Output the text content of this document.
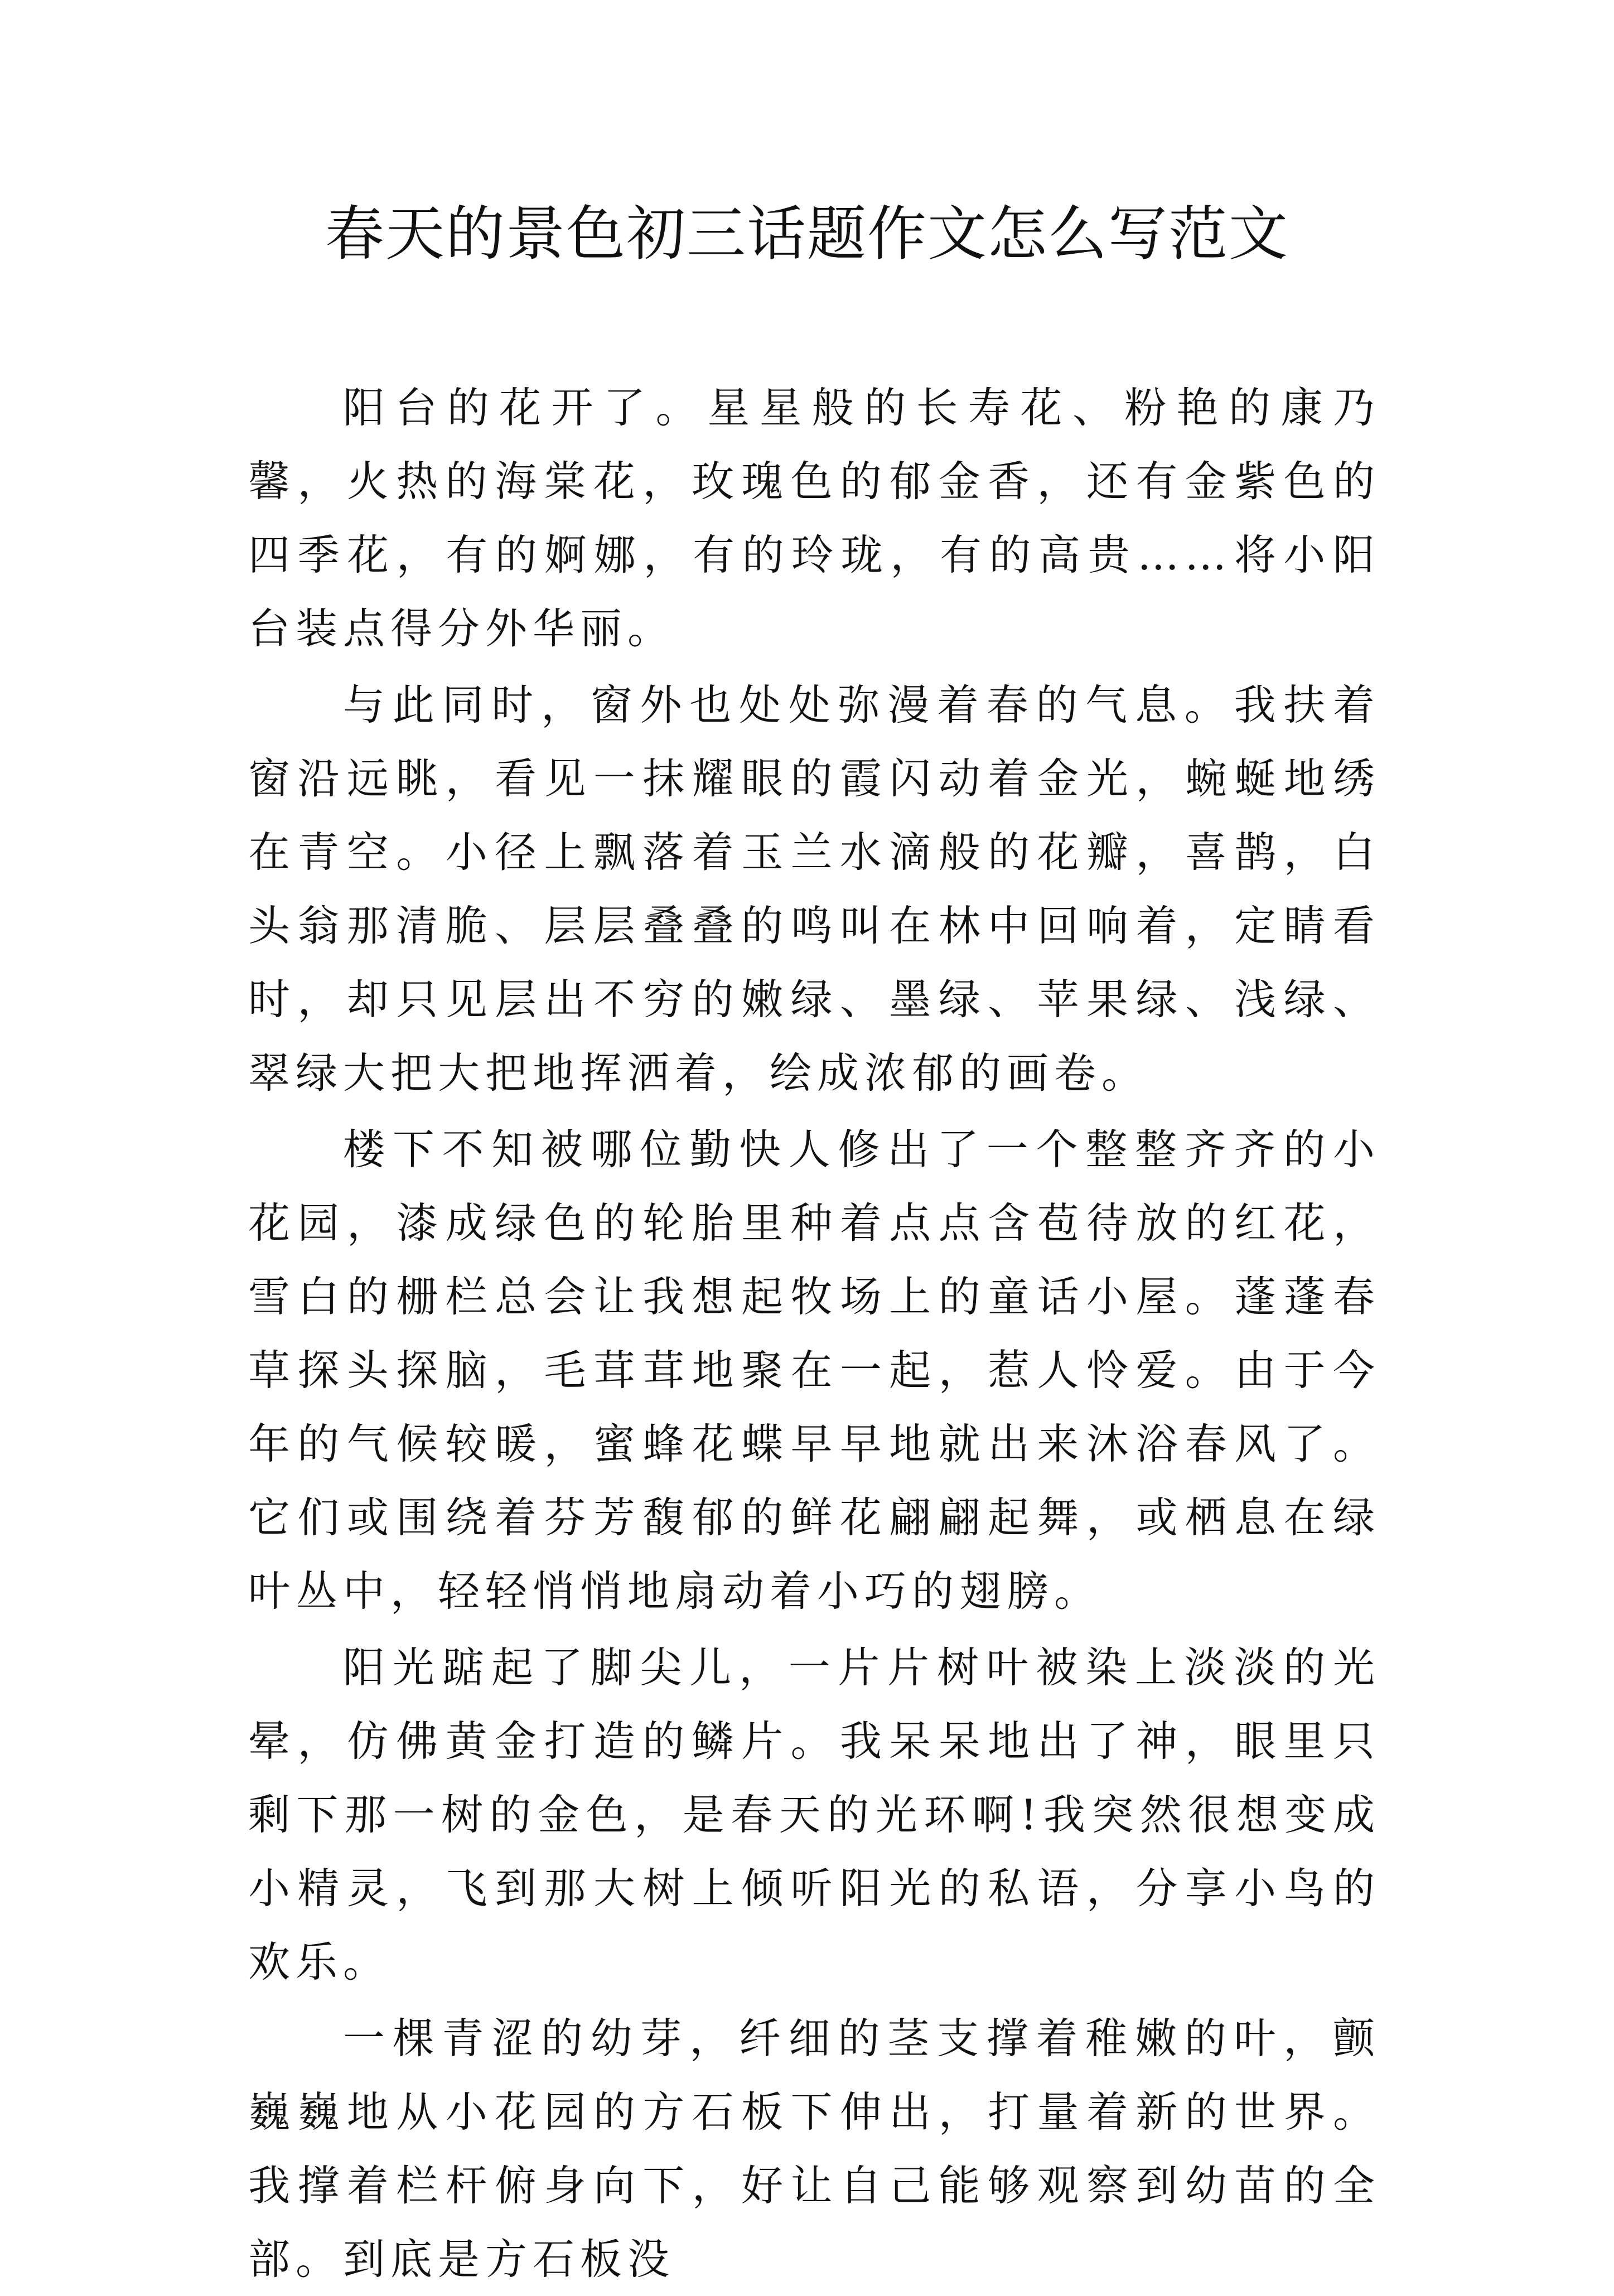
春天的景色初三话题作文怎么写范文

阳台的花开了。星星般的长寿花、粉艳的康乃馨，火热的海棠花，玫瑰色的郁金香，还有金紫色的四季花，有的婀娜，有的玲珑，有的高贵……将小阳台装点得分外华丽。

与此同时，窗外也处处弥漫着春的气息。我扶着窗沿远眺，看见一抹耀眼的霞闪动着金光，蜿蜒地绣在青空。小径上飘落着玉兰水滴般的花瓣，喜鹊，白头翁那清脆、层层叠叠的鸣叫在林中回响着，定睛看时，却只见层出不穷的嫩绿、墨绿、苹果绿、浅绿、翠绿大把大把地挥洒着，绘成浓郁的画卷。

楼下不知被哪位勤快人修出了一个整整齐齐的小花园，漆成绿色的轮胎里种着点点含苞待放的红花，雪白的栅栏总会让我想起牧场上的童话小屋。蓬蓬春草探头探脑，毛茸茸地聚在一起，惹人怜爱。由于今年的气候较暖，蜜蜂花蝶早早地就出来沐浴春风了。它们或围绕着芬芳馥郁的鲜花翩翩起舞，或栖息在绿叶丛中，轻轻悄悄地扇动着小巧的翅膀。

阳光踮起了脚尖儿，一片片树叶被染上淡淡的光晕，仿佛黄金打造的鳞片。我呆呆地出了神，眼里只剩下那一树的金色，是春天的光环啊!我突然很想变成小精灵，飞到那大树上倾听阳光的私语，分享小鸟的欢乐。

一棵青涩的幼芽，纤细的茎支撑着稚嫩的叶，颤巍巍地从小花园的方石板下伸出，打量着新的世界。我撑着栏杆俯身向下，好让自己能够观察到幼苗的全部。到底是方石板没
